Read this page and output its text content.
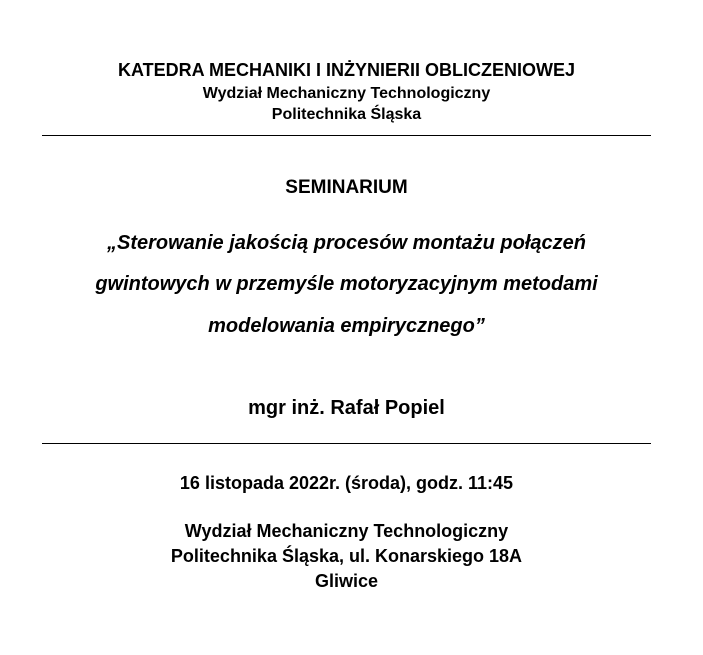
KATEDRA MECHANIKI I INŻYNIERII OBLICZENIOWEJ
Wydział Mechaniczny Technologiczny
Politechnika Śląska
SEMINARIUM
„Sterowanie jakością procesów montażu połączeń
gwintowych w przemyśle motoryzacyjnym metodami
modelowania empirycznego”
mgr inż. Rafał Popiel
16 listopada 2022r. (środa), godz. 11:45
Wydział Mechaniczny Technologiczny
Politechnika Śląska, ul. Konarskiego 18A
Gliwice
